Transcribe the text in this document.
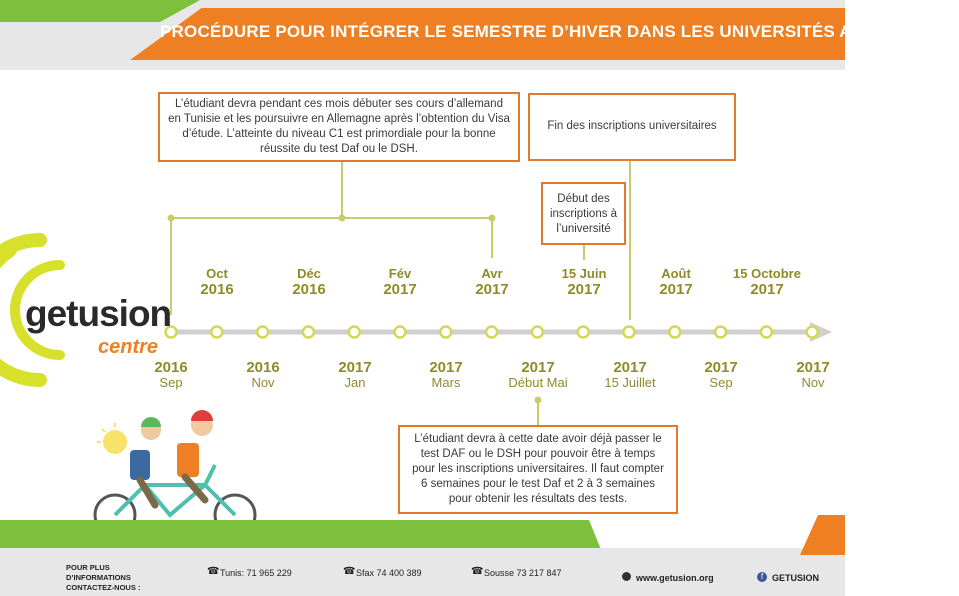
PROCÉDURE POUR INTÉGRER LE SEMESTRE D’HIVER DANS LES UNIVERSITÉS ALLEMANDES
L’étudiant devra pendant ces mois débuter ses cours d’allemand en Tunisie et les poursuivre en Allemagne après l’obtention du Visa d’étude. L’atteinte du niveau C1 est primordiale pour la bonne réussite du test Daf ou le DSH.
Fin des inscriptions universitaires
Début des inscriptions à l’université
L’étudiant devra à cette date avoir déjà passer le test DAF ou le DSH pour pouvoir être à temps pour les inscriptions universitaires. Il faut compter 6 semaines pour le test Daf et 2 à 3 semaines pour obtenir les résultats des tests.
Oct
2016
Déc
2016
Fév
2017
Avr
2017
15 Juin
2017
Août
2017
15 Octobre
2017
2016
Sep
2016
Nov
2017
Jan
2017
Mars
2017
Début Mai
2017
15 Juillet
2017
Sep
2017
Nov
getusion
centre
POUR PLUS D’INFORMATIONS CONTACTEZ-NOUS :
☎ Tunis: 71 965 229	☎ Sfax 74 400 389	☎ Sousse 73 217 847	www.getusion.org	f GETUSION
